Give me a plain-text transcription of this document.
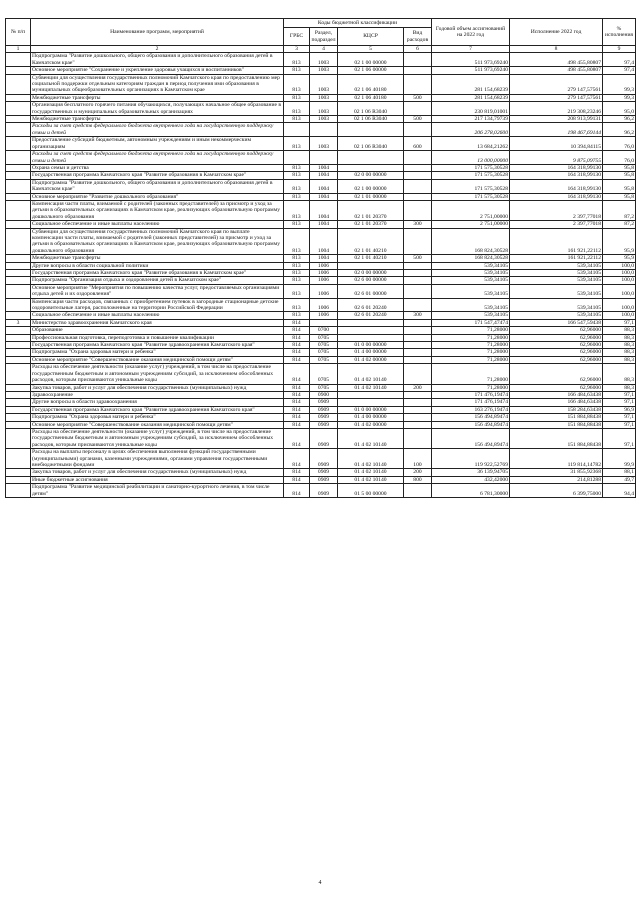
№ п/п	Наименование программ, мероприятий	Коды бюджетной классификации				Годовой объем ассигнований на 2022 год	Исполнение 2022 год	% исполнения
		ГРБС	Раздел, подраздел	КЦСР	Вид расходов			
1	2	3	4	5	6	7	8	9
	Подпрограмма "Развитие дошкольного, общего образования и дополнительного образования детей в Камчатском крае"	813	1003	02 1 00 00000		511 973,69240	498 455,80807	97,4
	Основное мероприятие "Сохранение и укрепление здоровья учащихся и воспитанников"	813	1003	02 1 06 00000		511 973,69240	498 455,80807	97,4
	Субвенции для осуществления государственных полномочий Камчатского края по предоставлению мер социальной поддержки отдельным категориям граждан в период получения ими образования в муниципальных общеобразовательных организациях в Камчатском крае	813	1003	02 1 06 40180		281 154,68239	279 147,57561	99,3
	Межбюджетные трансферты	813	1003	02 1 06 40180	500	281 154,68239	279 147,57561	99,3
	Организация бесплатного горячего питания обучающихся, получающих начальное общее образование в государственных и муниципальных образовательных организациях	813	1003	02 1 06 R3040		230 819,01001	219 308,23246	95,0
	Межбюджетные трансферты	813	1003	02 1 06 R3040	500	217 134,79739	208 913,99131	96,2
	Расходы за счет средств федерального бюджета внутреннего года на государственную поддержку семьи и детей					206 278,02600	198 467,69144	96,2
	Предоставление субсидий бюджетным, автономным учреждениям и иным некоммерческим организациям	813	1003	02 1 06 R3040	600	13 684,21262	10 394,84115	76,0
	Расходы за счет средств федерального бюджета внутреннего года на государственную поддержку семьи и детей					13 000,00000	9 875,09755	76,0
	Охрана семьи и детства	813	1004			171 575,30528	164 318,99130	95,8
	Государственная программа Камчатского края "Развитие образования в Камчатском крае"	813	1004	02 0 00 00000		171 575,30528	164 318,99130	95,8
	Подпрограмма "Развитие дошкольного, общего образования и дополнительного образования детей в Камчатском крае"	813	1004	02 1 00 00000		171 575,30528	164 318,99130	95,8
	Основное мероприятие "Развитие дошкольного образования"	813	1004	02 1 01 00000		171 575,30528	164 318,99130	95,8
	Компенсация части платы, взимаемой с родителей (законных представителей) за присмотр и уход за детьми в образовательных организациях в Камчатском крае, реализующих образовательную программу дошкольного образования	813	1004	02 1 01 20370		2 751,00000	2 397,77018	87,2
	Социальное обеспечение и иные выплаты населению	813	1004	02 1 01 20370	300	2 751,00000	2 397,77018	87,2
	Субвенции для осуществления государственных полномочий Камчатского края по выплате компенсации части платы, взимаемой с родителей (законных представителей) за присмотр и уход за детьми в образовательных организациях в Камчатском крае, реализующих образовательную программу дошкольного образования	813	1004	02 1 01 40210		168 824,30528	161 921,22112	95,9
	Межбюджетные трансферты	813	1004	02 1 01 40210	500	168 824,30528	161 921,22112	95,9
	Другие вопросы в области социальной политики	813	1006			539,34105	539,34105	100,0
	Государственная программа Камчатского края "Развитие образования в Камчатском крае"	813	1006	02 0 00 00000		539,34105	539,34105	100,0
	Подпрограмма "Организация отдыха и оздоровления детей в Камчатском крае"	813	1006	02 6 00 00000		539,34105	539,34105	100,0
	Основное мероприятие "Мероприятия по повышению качества услуг, предоставляемых организациями отдыха детей и их оздоровления"	813	1006	02 6 01 00000		539,34105	539,34105	100,0
	Компенсация части расходов, связанных с приобретением путевок в загородные стационарные детские оздоровительные лагеря, расположенные на территории Российской Федерации	813	1006	02 6 01 20240		539,34105	539,34105	100,0
	Социальное обеспечение и иные выплаты населению	813	1006	02 6 01 20240	300	539,34105	539,34105	100,0
3	Министерство здравоохранения Камчатского края	814				171 547,47474	166 547,59438	97,1
	Образование	814	0700			71,28000	62,96000	88,3
	Профессиональная подготовка, переподготовка и повышение квалификации	814	0705			71,28000	62,96000	88,3
	Государственная программа Камчатского края "Развитие здравоохранения Камчатского края"	814	0705	01 0 00 00000		71,28000	62,96000	88,3
	Подпрограмма "Охрана здоровья матери и ребенка"	814	0705	01 4 00 00000		71,28000	62,96000	88,3
	Основное мероприятие "Совершенствование оказания медицинской помощи детям"	814	0705	01 4 02 00000		71,28000	62,96000	88,3
	Расходы на обеспечение деятельности (оказание услуг) учреждений, в том числе на предоставление государственным бюджетным и автономным учреждениям субсидий, за исключением обособленных расходов, которым присваиваются уникальные коды	814	0705	01 4 02 10140		71,28000	62,96000	88,3
	Закупка товаров, работ и услуг для обеспечения государственных (муниципальных) нужд	814	0705	01 4 02 10140	200	71,28000	62,96000	88,3
	Здравоохранение	814	0900			171 476,19474	166 484,63438	97,1
	Другие вопросы в области здравоохранения	814	0909			171 476,19474	166 484,63438	97,1
	Государственная программа Камчатского края "Развитие здравоохранения Камчатского края"	814	0909	01 0 00 00000		163 276,19474	158 284,63438	96,9
	Подпрограмма "Охрана здоровья матери и ребенка"	814	0909	01 4 00 00000		156 494,89474	151 884,88438	97,1
	Основное мероприятие "Совершенствование оказания медицинской помощи детям"	814	0909	01 4 02 00000		156 494,89474	151 884,88438	97,1
	Расходы на обеспечение деятельности (оказание услуг) учреждений, в том числе на предоставление государственным бюджетным и автономным учреждениям субсидий, за исключением обособленных расходов, которым присваиваются уникальные коды	814	0909	01 4 02 10140		156 494,89474	151 884,88438	97,1
	Расходы на выплаты персоналу в целях обеспечения выполнения функций государственными (муниципальными) органами, казенными учреждениями, органами управления государственными внебюджетными фондами	814	0909	01 4 02 10140	100	119 922,52769	119 814,14782	99,9
	Закупка товаров, работ и услуг для обеспечения государственных (муниципальных) нужд	814	0909	01 4 02 10140	200	36 139,94705	31 855,92368	88,1
	Иные бюджетные ассигнования	814	0909	01 4 02 10140	800	432,42000	214,81288	49,7
	Подпрограмма "Развитие медицинской реабилитации и санаторно-курортного лечения, в том числе детям"	814	0909	01 5 00 00000		6 781,30000	6 399,75000	94,4
4
